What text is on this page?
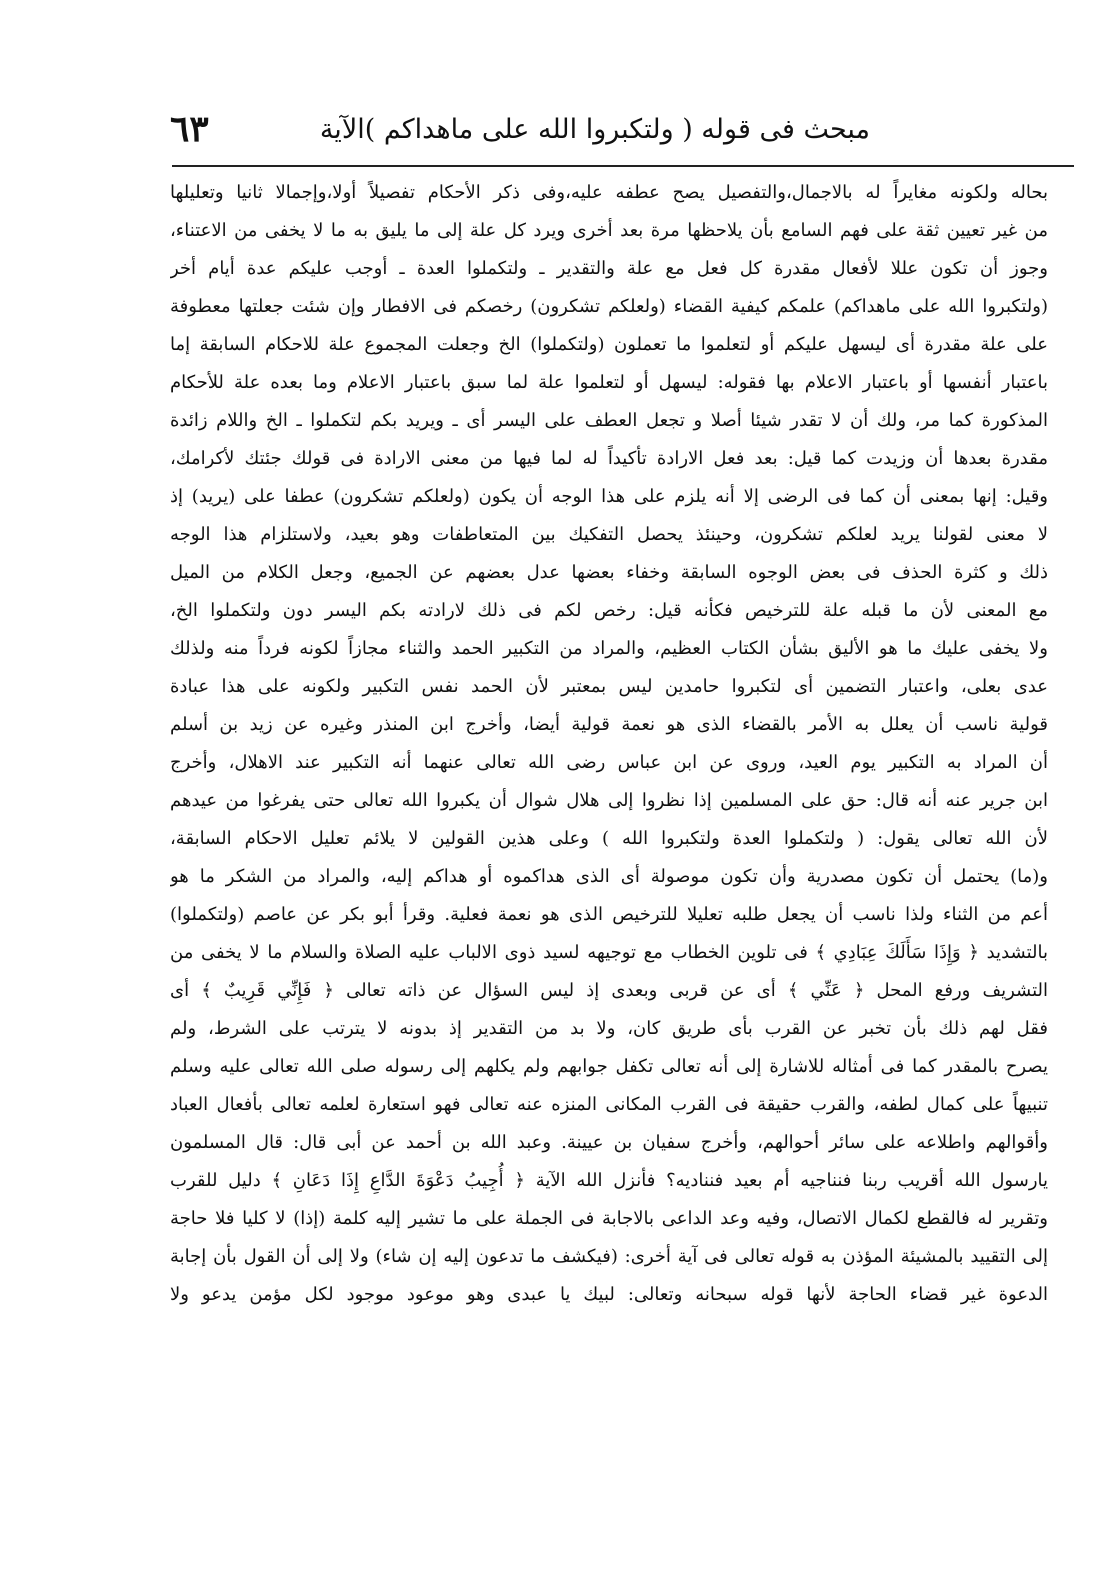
مبحث فى قوله ( ولتكبروا الله على ماهداكم )الآية
٦٣
بحاله ولكونه مغايراً له بالاجمال،والتفصيل يصح عطفه عليه،وفى ذكر الأحكام تفصيلاً أولا،وإجمالا ثانيا وتعليلها
من غير تعيين ثقة على فهم السامع بأن يلاحظها مرة بعد أخرى ويرد كل علة إلى ما يليق به ما لا يخفى من الاعتناء،
وجوز أن تكون عللا لأفعال مقدرة كل فعل مع علة والتقدير ـ ولتكملوا العدة ـ أوجب عليكم عدة أيام أخر
(ولتكبروا الله على ماهداكم) علمكم كيفية القضاء (ولعلكم تشكرون) رخصكم فى الافطار وإن شئت جعلتها معطوفة
على علة مقدرة أى ليسهل عليكم أو لتعلموا ما تعملون (ولتكملوا) الخ وجعلت المجموع علة للاحكام السابقة إما
باعتبار أنفسها أو باعتبار الاعلام بها فقوله: ليسهل أو لتعلموا علة لما سبق باعتبار الاعلام وما بعده علة للأحكام
المذكورة كما مر، ولك أن لا تقدر شيئا أصلا و تجعل العطف على اليسر أى ـ ويريد بكم لتكملوا ـ الخ واللام زائدة
مقدرة بعدها أن وزيدت كما قيل: بعد فعل الارادة تأكيداً له لما فيها من معنى الارادة فى قولك جئتك لأكرامك،
وقيل: إنها بمعنى أن كما فى الرضى إلا أنه يلزم على هذا الوجه أن يكون (ولعلكم تشكرون) عطفا على (يريد) إذ
لا معنى لقولنا يريد لعلكم تشكرون، وحينئذ يحصل التفكيك بين المتعاطفات وهو بعيد، ولاستلزام هذا الوجه
ذلك و كثرة الحذف فى بعض الوجوه السابقة وخفاء بعضها عدل بعضهم عن الجميع، وجعل الكلام من الميل
مع المعنى لأن ما قبله علة للترخيص فكأنه قيل: رخص لكم فى ذلك لارادته بكم اليسر دون ولتكملوا الخ،
ولا يخفى عليك ما هو الأليق بشأن الكتاب العظيم، والمراد من التكبير الحمد والثناء مجازاً لكونه فرداً منه ولذلك
عدى بعلى، واعتبار التضمين أى لتكبروا حامدين ليس بمعتبر لأن الحمد نفس التكبير ولكونه على هذا عبادة
قولية ناسب أن يعلل به الأمر بالقضاء الذى هو نعمة قولية أيضا، وأخرج ابن المنذر وغيره عن زيد بن أسلم
أن المراد به التكبير يوم العيد، وروى عن ابن عباس رضى الله تعالى عنهما أنه التكبير عند الاهلال، وأخرج
ابن جرير عنه أنه قال: حق على المسلمين إذا نظروا إلى هلال شوال أن يكبروا الله تعالى حتى يفرغوا من عيدهم
لأن الله تعالى يقول: ( ولتكملوا العدة ولتكبروا الله ) وعلى هذين القولين لا يلائم تعليل الاحكام السابقة،
و(ما) يحتمل أن تكون مصدرية وأن تكون موصولة أى الذى هداكموه أو هداكم إليه، والمراد من الشكر ما هو
أعم من الثناء ولذا ناسب أن يجعل طلبه تعليلا للترخيص الذى هو نعمة فعلية. وقرأ أبو بكر عن عاصم (ولتكملوا)
بالتشديد ﴿ وَإِذَا سَأَلَكَ عِبَادِي ﴾ فى تلوين الخطاب مع توجيهه لسيد ذوى الالباب عليه الصلاة والسلام ما لا يخفى من
التشريف ورفع المحل ﴿ عَنِّي ﴾ أى عن قربى وبعدى إذ ليس السؤال عن ذاته تعالى ﴿ فَإِنِّي قَرِيبٌ ﴾ أى
فقل لهم ذلك بأن تخبر عن القرب بأى طريق كان، ولا بد من التقدير إذ بدونه لا يترتب على الشرط، ولم
يصرح بالمقدر كما فى أمثاله للاشارة إلى أنه تعالى تكفل جوابهم ولم يكلهم إلى رسوله صلى الله تعالى عليه وسلم
تنبيهاً على كمال لطفه، والقرب حقيقة فى القرب المكانى المنزه عنه تعالى فهو استعارة لعلمه تعالى بأفعال العباد
وأقوالهم واطلاعه على سائر أحوالهم، وأخرج سفيان بن عيينة. وعبد الله بن أحمد عن أبى قال: قال المسلمون
يارسول الله أقريب ربنا فنناجيه أم بعيد فنناديه؟ فأنزل الله الآية ﴿ أُجِيبُ دَعْوَةَ الدَّاعِ إِذَا دَعَانِ ﴾ دليل للقرب
وتقرير له فالقطع لكمال الاتصال، وفيه وعد الداعى بالاجابة فى الجملة على ما تشير إليه كلمة (إذا) لا كليا فلا حاجة
إلى التقييد بالمشيئة المؤذن به قوله تعالى فى آية أخرى: (فيكشف ما تدعون إليه إن شاء) ولا إلى أن القول بأن إجابة
الدعوة غير قضاء الحاجة لأنها قوله سبحانه وتعالى: لبيك يا عبدى وهو موعود موجود لكل مؤمن يدعو ولا
